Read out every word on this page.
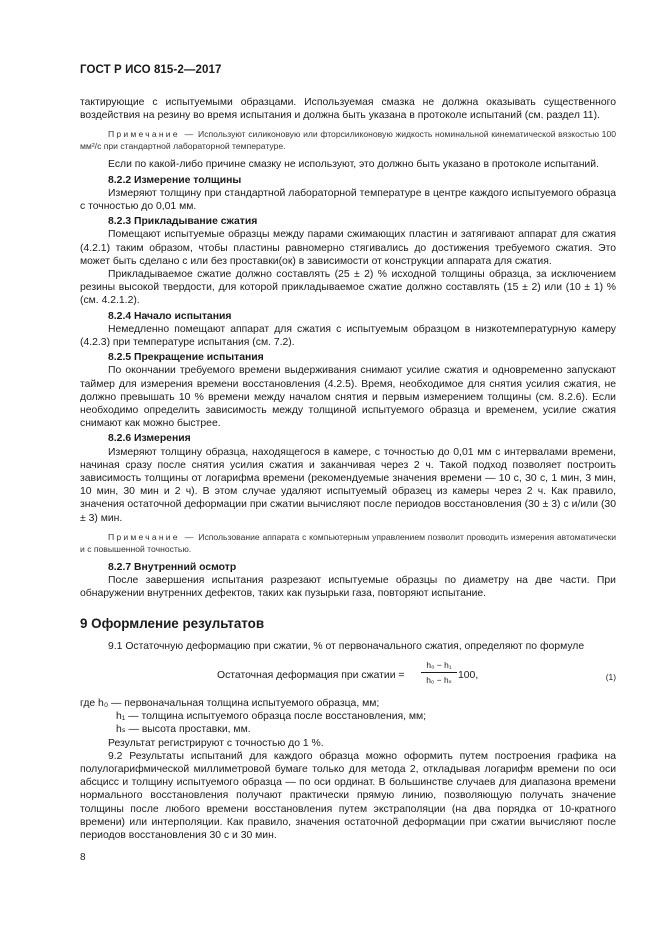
ГОСТ Р ИСО 815-2—2017

тактирующие с испытуемыми образцами. Используемая смазка не должна оказывать существенного воздействия на резину во время испытания и должна быть указана в протоколе испытаний (см. раздел 11).

Примечание — Используют силиконовую или фторсиликоновую жидкость номинальной кинематической вязкостью 100 мм²/с при стандартной лабораторной температуре.

Если по какой-либо причине смазку не используют, это должно быть указано в протоколе испытаний.

8.2.2 Измерение толщины

Измеряют толщину при стандартной лабораторной температуре в центре каждого испытуемого образца с точностью до 0,01 мм.

8.2.3 Прикладывание сжатия

Помещают испытуемые образцы между парами сжимающих пластин и затягивают аппарат для сжатия (4.2.1) таким образом, чтобы пластины равномерно стягивались до достижения требуемого сжатия. Это может быть сделано с или без проставки(ок) в зависимости от конструкции аппарата для сжатия.

Прикладываемое сжатие должно составлять (25 ± 2) % исходной толщины образца, за исключением резины высокой твердости, для которой прикладываемое сжатие должно составлять (15 ± 2) или (10 ± 1) % (см. 4.2.1.2).

8.2.4 Начало испытания

Немедленно помещают аппарат для сжатия с испытуемым образцом в низкотемпературную камеру (4.2.3) при температуре испытания (см. 7.2).

8.2.5 Прекращение испытания

По окончании требуемого времени выдерживания снимают усилие сжатия и одновременно запускают таймер для измерения времени восстановления (4.2.5). Время, необходимое для снятия усилия сжатия, не должно превышать 10 % времени между началом снятия и первым измерением толщины (см. 8.2.6). Если необходимо определить зависимость между толщиной испытуемого образца и временем, усилие сжатия снимают как можно быстрее.

8.2.6 Измерения

Измеряют толщину образца, находящегося в камере, с точностью до 0,01 мм с интервалами времени, начиная сразу после снятия усилия сжатия и заканчивая через 2 ч. Такой подход позволяет построить зависимость толщины от логарифма времени (рекомендуемые значения времени — 10 с, 30 с, 1 мин, 3 мин, 10 мин, 30 мин и 2 ч). В этом случае удаляют испытуемый образец из камеры через 2 ч. Как правило, значения остаточной деформации при сжатии вычисляют после периодов восстановления (30 ± 3) с и/или (30 ± 3) мин.

Примечание — Использование аппарата с компьютерным управлением позволит проводить измерения автоматически и с повышенной точностью.

8.2.7 Внутренний осмотр

После завершения испытания разрезают испытуемые образцы по диаметру на две части. При обнаружении внутренних дефектов, таких как пузырьки газа, повторяют испытание.

9 Оформление результатов

9.1 Остаточную деформацию при сжатии, % от первоначального сжатия, определяют по формуле

Остаточная деформация при сжатии = $\frac{\text{h₀ − h₁}}{\text{h₀ − hₛ}} 100$,	(1)

где h₀ — первоначальная толщина испытуемого образца, мм;

h₁ — толщина испытуемого образца после восстановления, мм;

hₛ — высота проставки, мм.

Результат регистрируют с точностью до 1 %.

9.2 Результаты испытаний для каждого образца можно оформить путем построения графика на полулогарифмической миллиметровой бумаге только для метода 2, откладывая логарифм времени по оси абсцисс и толщину испытуемого образца — по оси ординат. В большинстве случаев для диапазона времени нормального восстановления получают практически прямую линию, позволяющую получать значение толщины после любого времени восстановления путем экстраполяции (на два порядка от 10-кратного времени) или интерполяции. Как правило, значения остаточной деформации при сжатии вычисляют после периодов восстановления 30 с и 30 мин.

8
